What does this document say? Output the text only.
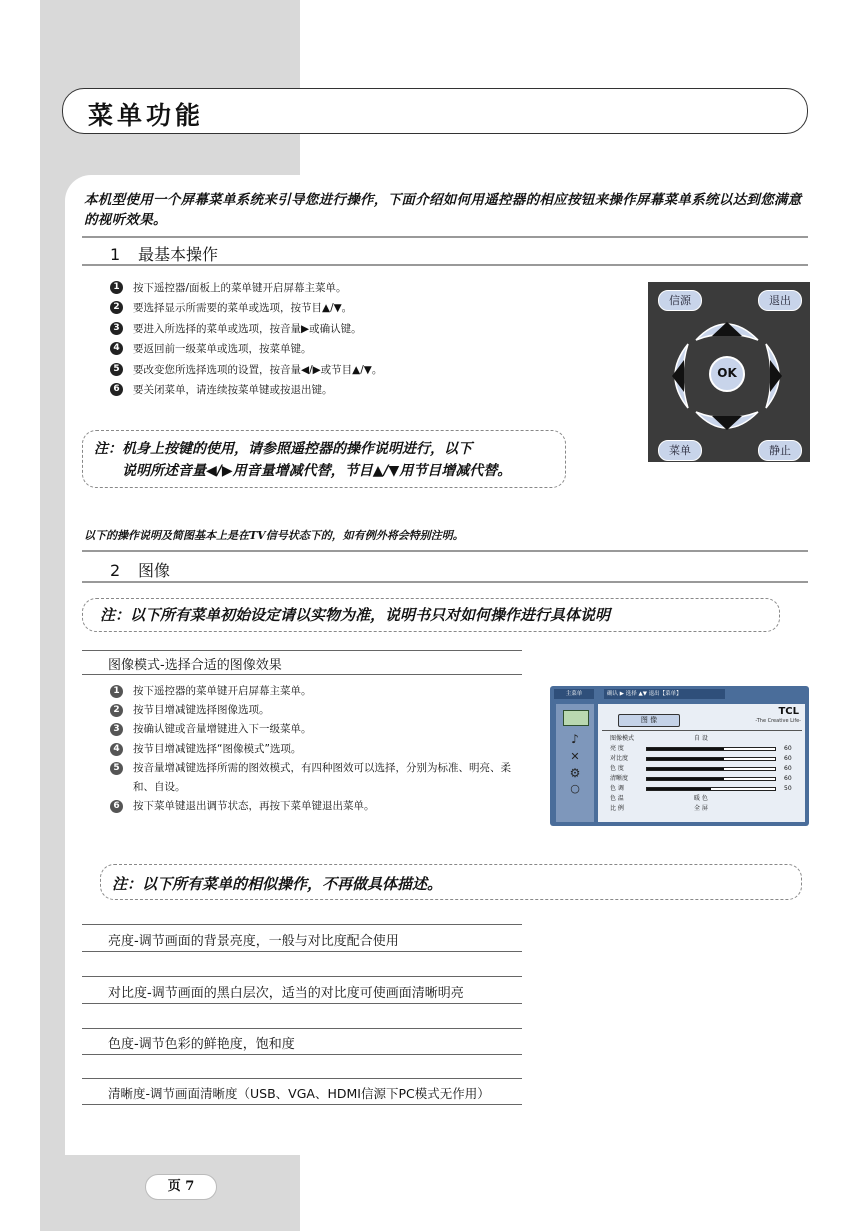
菜单功能
本机型使用一个屏幕菜单系统来引导您进行操作，下面介绍如何用遥控器的相应按钮来操作屏幕菜单系统以达到您满意的视听效果。
1 最基本操作
1	按下遥控器/面板上的菜单键开启屏幕主菜单。
2	要选择显示所需要的菜单或选项，按节目▲/▼。
3	要进入所选择的菜单或选项，按音量▶或确认键。
4	要返回前一级菜单或选项，按菜单键。
5	要改变您所选择选项的设置，按音量◀/▶或节目▲/▼。
6	要关闭菜单，请连续按菜单键或按退出键。
注：机身上按键的使用，请参照遥控器的操作说明进行，以下
说明所述音量◀/▶用音量增减代替，节目▲/▼用节目增减代替。
信源	退出
OK
菜单	静止
以下的操作说明及简图基本上是在TV信号状态下的，如有例外将会特别注明。
2 图像
注：以下所有菜单初始设定请以实物为准，说明书只对如何操作进行具体说明
图像模式-选择合适的图像效果
1	按下遥控器的菜单键开启屏幕主菜单。
2	按节目增减键选择图像选项。
3	按确认键或音量增键进入下一级菜单。
4	按节目增减键选择“图像模式”选项。
5	按音量增减键选择所需的图效模式，有四种图效可以选择，分别为标准、明亮、柔和、自设。
6	按下菜单键退出调节状态，再按下菜单键退出菜单。
主菜单	确认 ▶ 选择 ▲▼ 退出【菜单】
♪
✕
⚙
○
TCL
-The Creative Life-
图 像
图像模式	自 设
亮 度	60
对比度	60
色 度	60
清晰度	60
色 调	50
色 温	暖 色
比 例	全 屏
注：以下所有菜单的相似操作，不再做具体描述。
亮度-调节画面的背景亮度，一般与对比度配合使用
对比度-调节画面的黑白层次，适当的对比度可使画面清晰明亮
色度-调节色彩的鲜艳度，饱和度
清晰度-调节画面清晰度（USB、VGA、HDMI信源下PC模式无作用）
页 7
